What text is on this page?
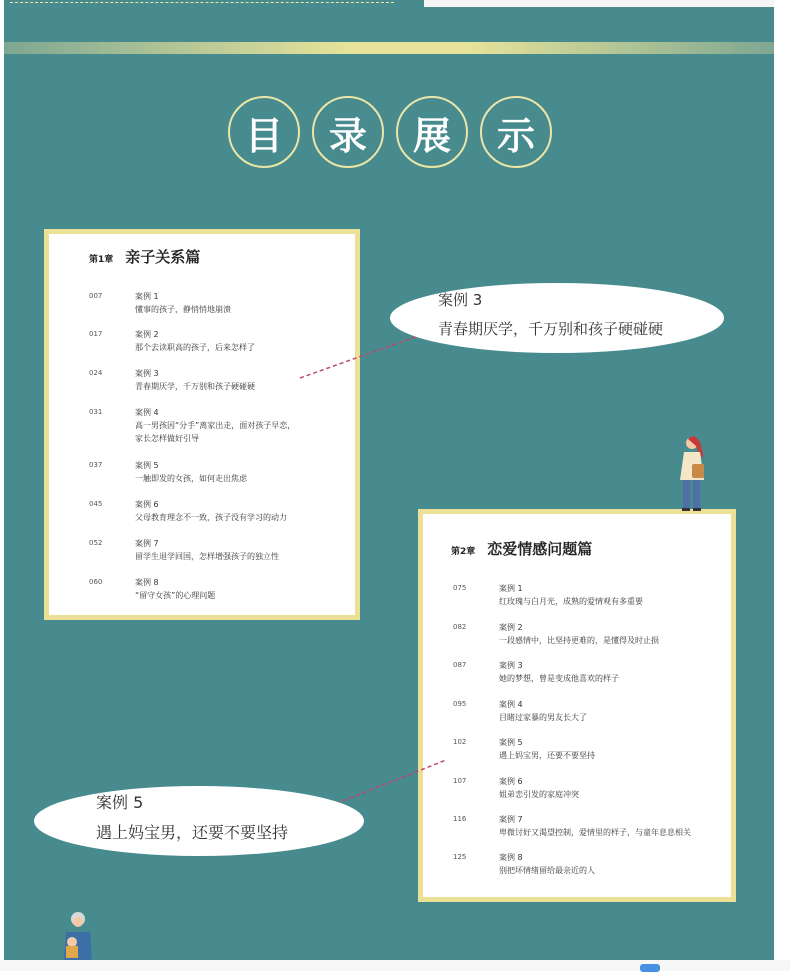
目 录 展 示
第1章 亲子关系篇
007	案例 1
懂事的孩子，静悄悄地崩溃
017	案例 2
那个去读职高的孩子，后来怎样了
024	案例 3
青春期厌学，千万别和孩子硬碰硬
031	案例 4
高一男孩因“分手”离家出走，面对孩子早恋，
家长怎样做好引导
037	案例 5
一触即发的女孩，如何走出焦虑
045	案例 6
父母教育理念不一致，孩子没有学习的动力
052	案例 7
留学生退学回国，怎样增强孩子的独立性
060	案例 8
“留守女孩”的心理问题
第2章 恋爱情感问题篇
075	案例 1
红玫瑰与白月光，成熟的爱情观有多重要
082	案例 2
一段感情中，比坚持更难的，是懂得及时止损
087	案例 3
她的梦想，曾是变成他喜欢的样子
095	案例 4
目睹过家暴的男友长大了
102	案例 5
遇上妈宝男，还要不要坚持
107	案例 6
姐弟恋引发的家庭冲突
116	案例 7
卑微讨好又渴望控制，爱情里的样子，与童年息息相关
125	案例 8
别把坏情绪留给最亲近的人
案例 3
青春期厌学，千万别和孩子硬碰硬
案例 5
遇上妈宝男，还要不要坚持
